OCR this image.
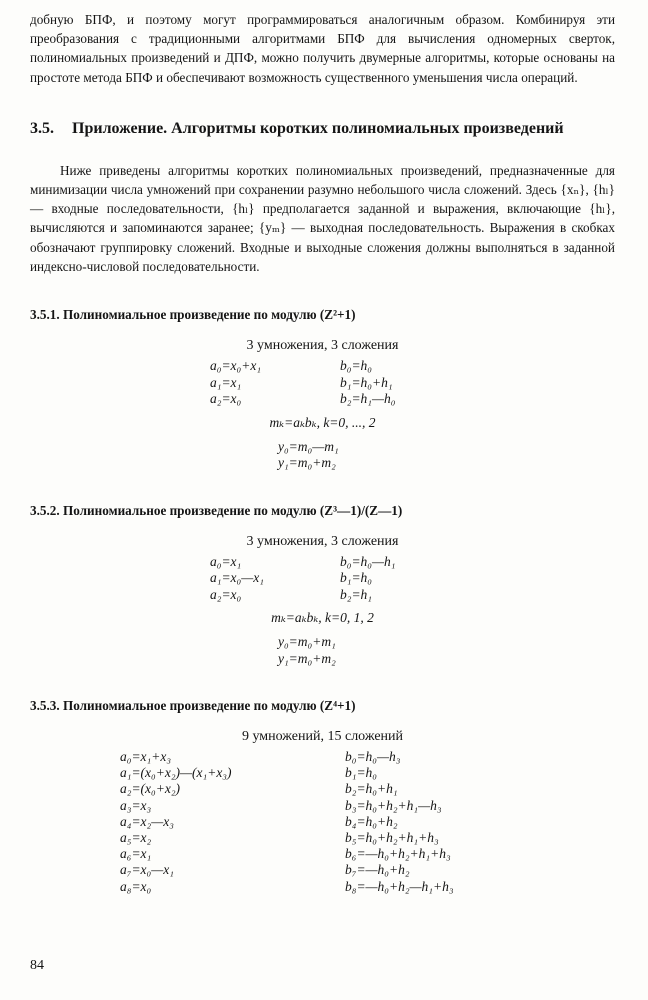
добную БПФ, и поэтому могут программироваться аналогичным образом. Комбинируя эти преобразования с традиционными алгоритмами БПФ для вычисления одномерных сверток, полиномиальных произведений и ДПФ, можно получить двумерные алгоритмы, которые основаны на простоте метода БПФ и обеспечивают возможность существенного уменьшения числа операций.

3.5.	Приложение. Алгоритмы коротких полиномиальных произведений

Ниже приведены алгоритмы коротких полиномиальных произведений, предназначенные для минимизации числа умножений при сохранении разумно небольшого числа сложений. Здесь {xₙ}, {hₗ} — входные последовательности, {hₗ} предполагается заданной и выражения, включающие {hₗ}, вычисляются и запоминаются заранее; {yₘ} — выходная последовательность. Выражения в скобках обозначают группировку сложений. Входные и выходные сложения должны выполняться в заданной индексно-числовой последовательности.

3.5.1. Полиномиальное произведение по модулю (Z²+1)
3 умножения, 3 сложения
a₀=x₀+x₁	b₀=h₀
a₁=x₁	b₁=h₀+h₁
a₂=x₀	b₂=h₁—h₀
mₖ=aₖbₖ, k=0, ..., 2
y₀=m₀—m₁
y₁=m₀+m₂
3.5.2. Полиномиальное произведение по модулю (Z³—1)/(Z—1)
3 умножения, 3 сложения
a₀=x₁	b₀=h₀—h₁
a₁=x₀—x₁	b₁=h₀
a₂=x₀	b₂=h₁
mₖ=aₖbₖ, k=0, 1, 2
y₀=m₀+m₁
y₁=m₀+m₂
3.5.3. Полиномиальное произведение по модулю (Z⁴+1)
9 умножений, 15 сложений
a₀=x₁+x₃	b₀=h₀—h₃
a₁=(x₀+x₂)—(x₁+x₃)	b₁=h₀
a₂=(x₀+x₂)	b₂=h₀+h₁
a₃=x₃	b₃=h₀+h₂+h₁—h₃
a₄=x₂—x₃	b₄=h₀+h₂
a₅=x₂	b₅=h₀+h₂+h₁+h₃
a₆=x₁	b₆=—h₀+h₂+h₁+h₃
a₇=x₀—x₁	b₇=—h₀+h₂
a₈=x₀	b₈=—h₀+h₂—h₁+h₃
84
